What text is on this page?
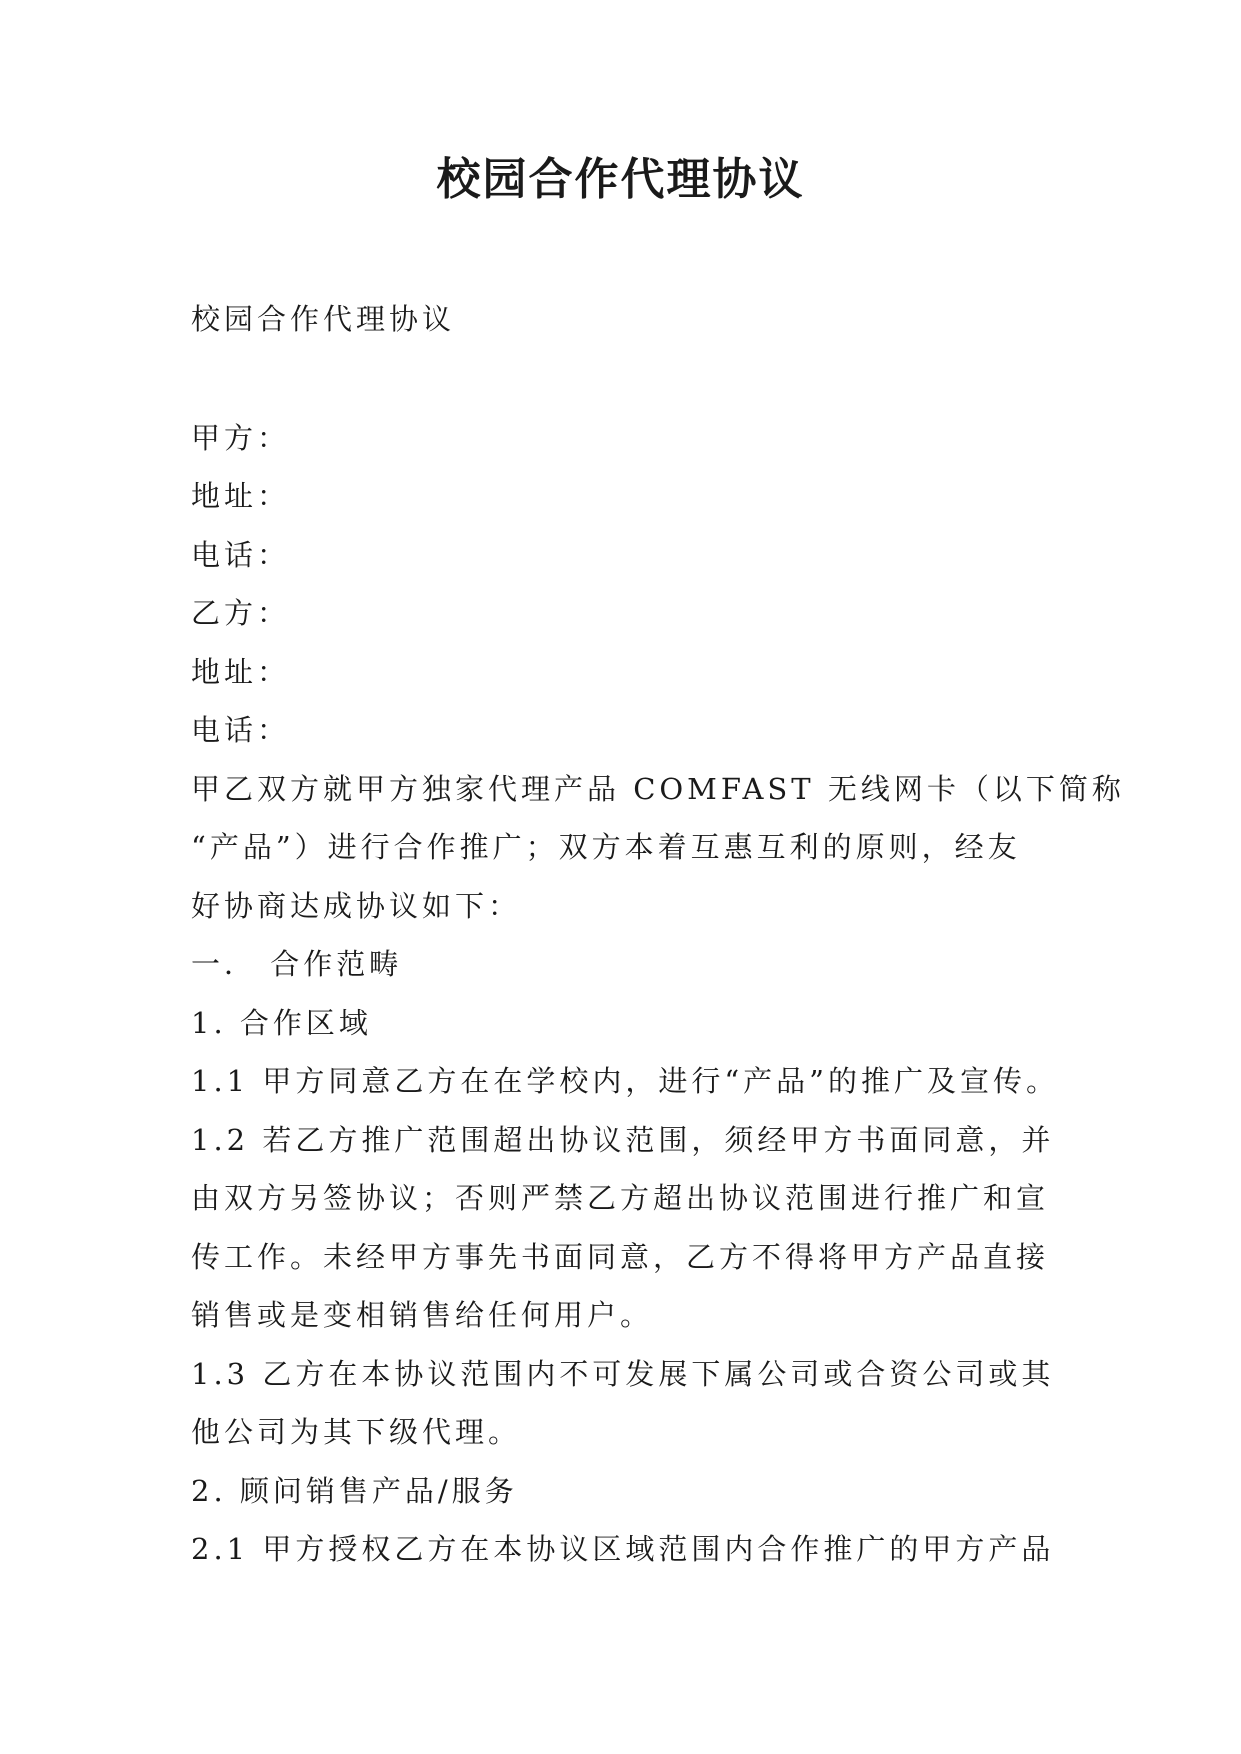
校园合作代理协议
校园合作代理协议
甲方：
地址：
电话：
乙方：
地址：
电话：
甲乙双方就甲方独家代理产品 COMFAST 无线网卡（以下简称
“产品”）进行合作推广；双方本着互惠互利的原则，经友
好协商达成协议如下：
一． 合作范畴
1. 合作区域
1.1 甲方同意乙方在在学校内，进行“产品”的推广及宣传。
1.2 若乙方推广范围超出协议范围，须经甲方书面同意，并
由双方另签协议；否则严禁乙方超出协议范围进行推广和宣
传工作。未经甲方事先书面同意，乙方不得将甲方产品直接
销售或是变相销售给任何用户。
1.3 乙方在本协议范围内不可发展下属公司或合资公司或其
他公司为其下级代理。
2. 顾问销售产品/服务
2.1 甲方授权乙方在本协议区域范围内合作推广的甲方产品
